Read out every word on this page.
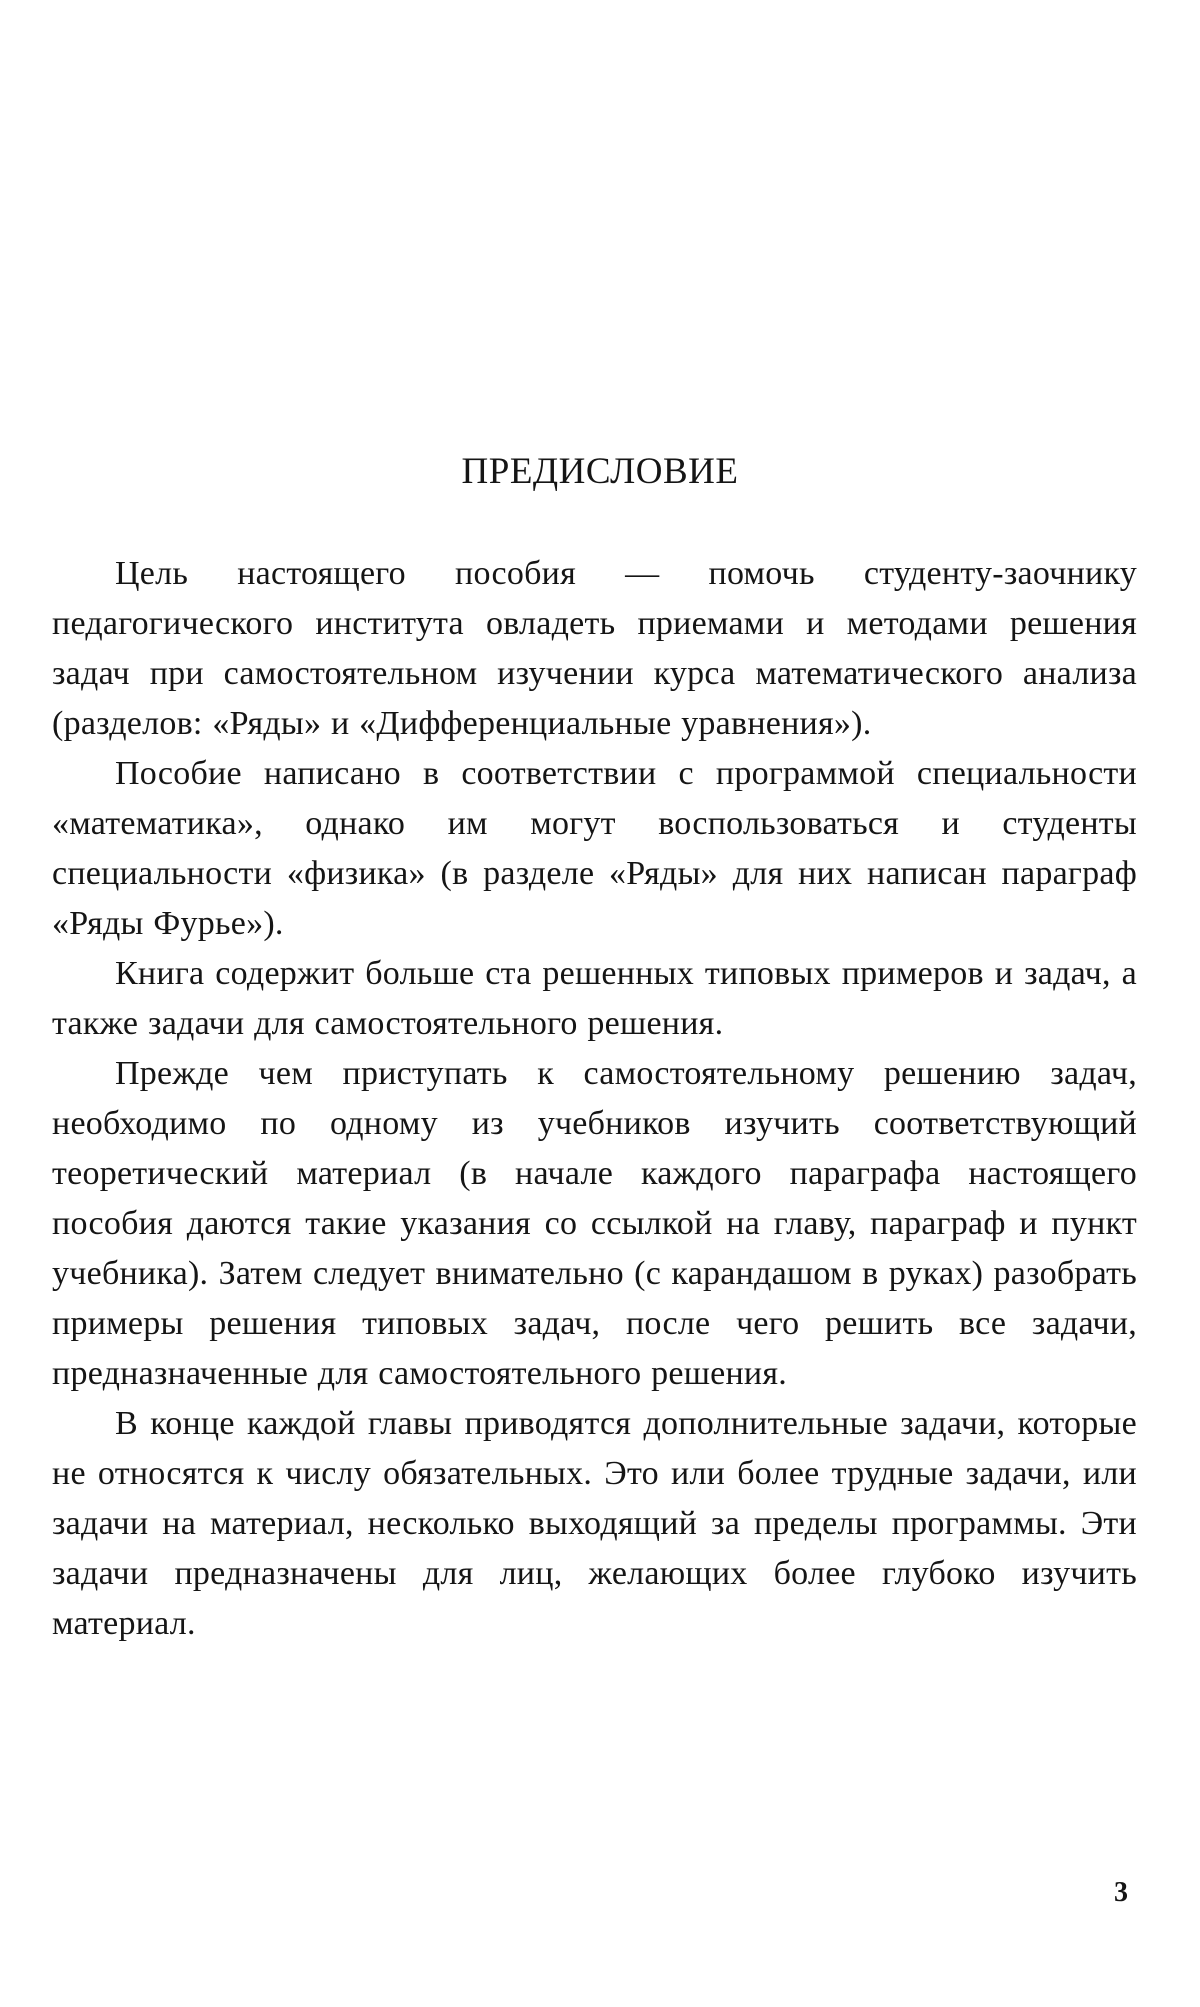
ПРЕДИСЛОВИЕ

Цель настоящего пособия — помочь студенту-заочнику педагогического института овладеть приемами и методами решения задач при самостоятельном изучении курса математического анализа (разделов: «Ряды» и «Дифференциальные уравнения»).

Пособие написано в соответствии с программой специальности «математика», однако им могут воспользоваться и студенты специальности «физика» (в разделе «Ряды» для них написан параграф «Ряды Фурье»).

Книга содержит больше ста решенных типовых примеров и задач, а также задачи для самостоятельного решения.

Прежде чем приступать к самостоятельному решению задач, необходимо по одному из учебников изучить соответствующий теоретический материал (в начале каждого параграфа настоящего пособия даются такие указания со ссылкой на главу, параграф и пункт учебника). Затем следует внимательно (с карандашом в руках) разобрать примеры решения типовых задач, после чего решить все задачи, предназначенные для самостоятельного решения.

В конце каждой главы приводятся дополнительные задачи, которые не относятся к числу обязательных. Это или более трудные задачи, или задачи на материал, несколько выходящий за пределы программы. Эти задачи предназначены для лиц, желающих более глубоко изучить материал.

3
